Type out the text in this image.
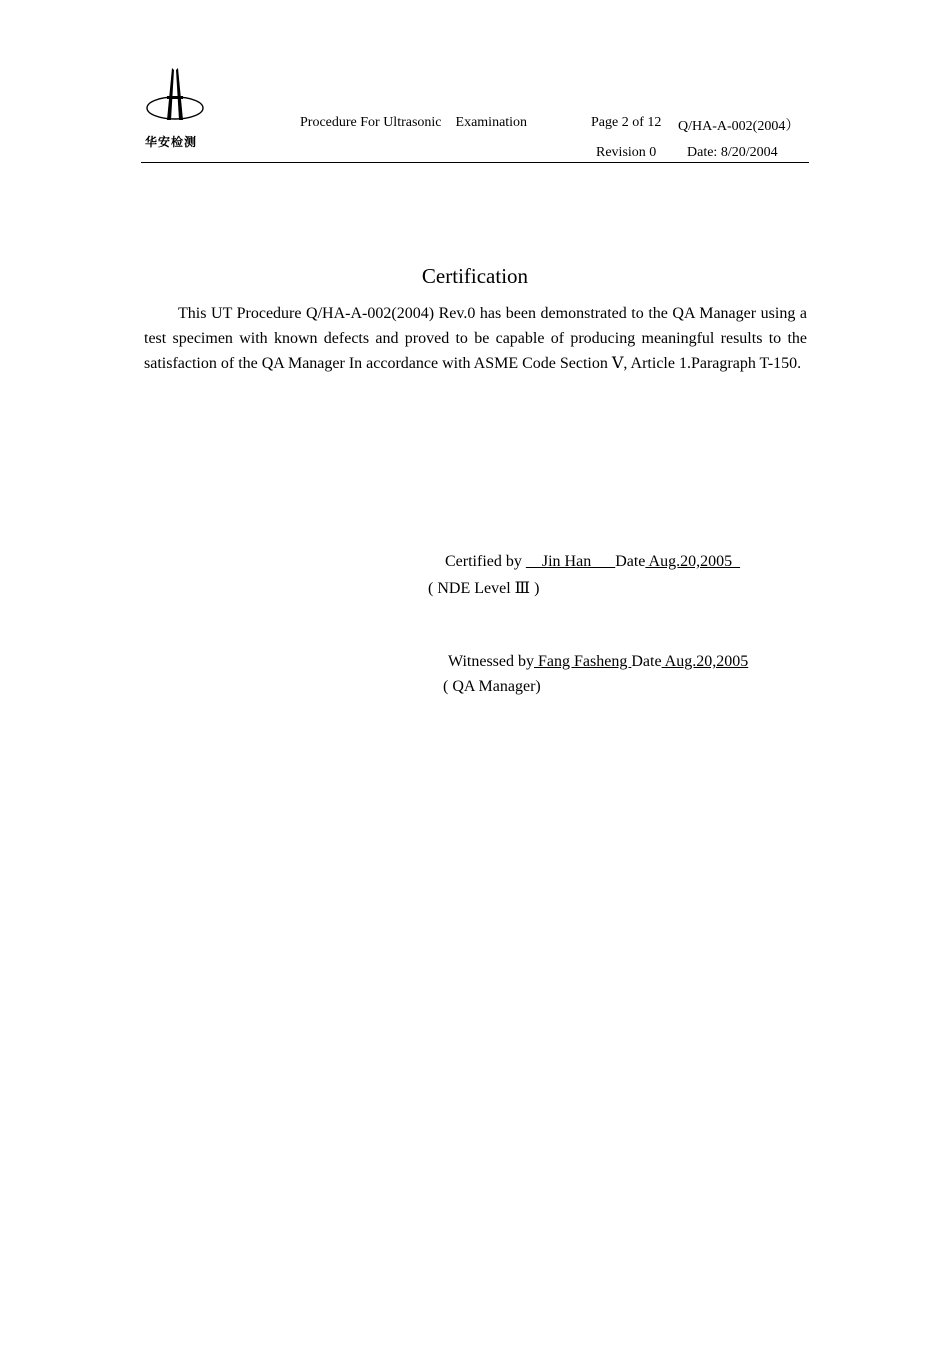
华安检测
Procedure For Ultrasonic    Examination	Page 2 of 12 Q/HA-A-002(2004）
Revision 0 Date: 8/20/2004
Certification

This UT Procedure Q/HA-A-002(2004) Rev.0 has been demonstrated to the QA Manager using a test specimen with known defects and proved to be capable of producing meaningful results to the satisfaction of the QA Manager In accordance with ASME Code Section Ⅴ, Article 1.Paragraph T-150.

Certified by     Jin Han      Date Aug.20,2005
( NDE Level Ⅲ )
Witnessed by Fang Fasheng Date Aug.20,2005
( QA Manager)
